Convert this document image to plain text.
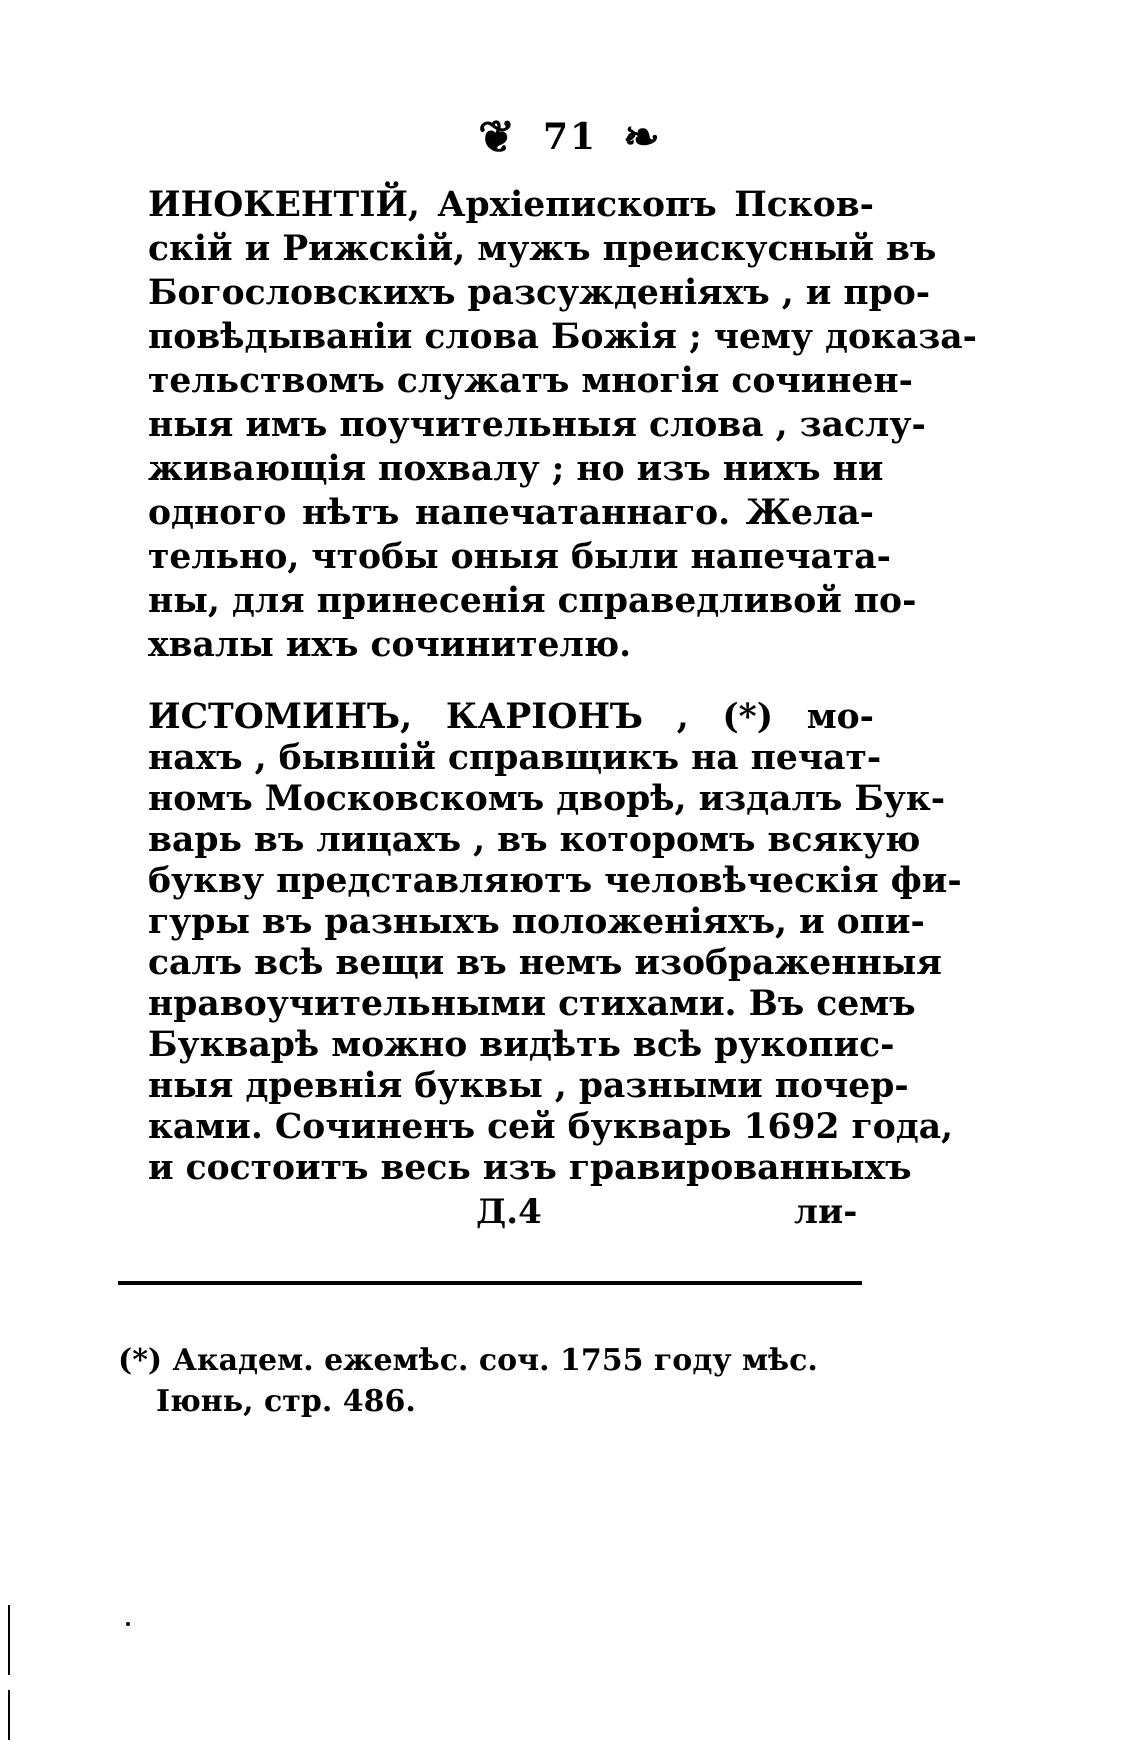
❦ 71 ❧
ИНОКЕНТІЙ, Архіепископъ Псков-
скій и Рижскій, мужъ преискусный въ
Богословскихъ разсужденіяхъ , и про-
повѣдываніи слова Божія ; чему доказа-
тельствомъ служатъ многія сочинен-
ныя имъ поучительныя слова , заслу-
живающія похвалу ; но изъ нихъ ни
одного нѣтъ напечатаннаго. Жела-
тельно, чтобы оныя были напечата-
ны, для принесенія справедливой по-
хвалы ихъ сочинителю.
ИСТОМИНЪ, КАРІОНЪ , (*) мо-
нахъ , бывшій справщикъ на печат-
номъ Московскомъ дворѣ, издалъ Бук-
варь въ лицахъ , въ которомъ всякую
букву представляютъ человѣческія фи-
гуры въ разныхъ положеніяхъ, и опи-
салъ всѣ вещи въ немъ изображенныя
нравоучительными стихами. Въ семъ
Букварѣ можно видѣть всѣ рукопис-
ныя древнія буквы , разными почер-
ками. Сочиненъ сей букварь 1692 года,
и состоитъ весь изъ гравированныхъ
Д.4	ли-
(*) Академ. ежемѣс. соч. 1755 году мѣс.
Іюнь, стр. 486.
